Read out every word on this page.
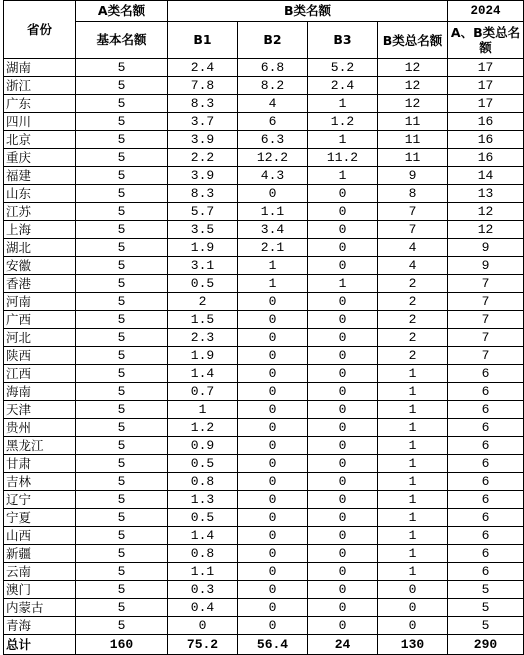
省份	A类名额	B类名额				2024
	基本名额	B1	B2	B3	B类总名额	A、B类总名额
湖南	5	2.4	6.8	5.2	12	17
浙江	5	7.8	8.2	2.4	12	17
广东	5	8.3	4	1	12	17
四川	5	3.7	6	1.2	11	16
北京	5	3.9	6.3	1	11	16
重庆	5	2.2	12.2	11.2	11	16
福建	5	3.9	4.3	1	9	14
山东	5	8.3	0	0	8	13
江苏	5	5.7	1.1	0	7	12
上海	5	3.5	3.4	0	7	12
湖北	5	1.9	2.1	0	4	9
安徽	5	3.1	1	0	4	9
香港	5	0.5	1	1	2	7
河南	5	2	0	0	2	7
广西	5	1.5	0	0	2	7
河北	5	2.3	0	0	2	7
陕西	5	1.9	0	0	2	7
江西	5	1.4	0	0	1	6
海南	5	0.7	0	0	1	6
天津	5	1	0	0	1	6
贵州	5	1.2	0	0	1	6
黑龙江	5	0.9	0	0	1	6
甘肃	5	0.5	0	0	1	6
吉林	5	0.8	0	0	1	6
辽宁	5	1.3	0	0	1	6
宁夏	5	0.5	0	0	1	6
山西	5	1.4	0	0	1	6
新疆	5	0.8	0	0	1	6
云南	5	1.1	0	0	1	6
澳门	5	0.3	0	0	0	5
内蒙古	5	0.4	0	0	0	5
青海	5	0	0	0	0	5
总计	160	75.2	56.4	24	130	290
